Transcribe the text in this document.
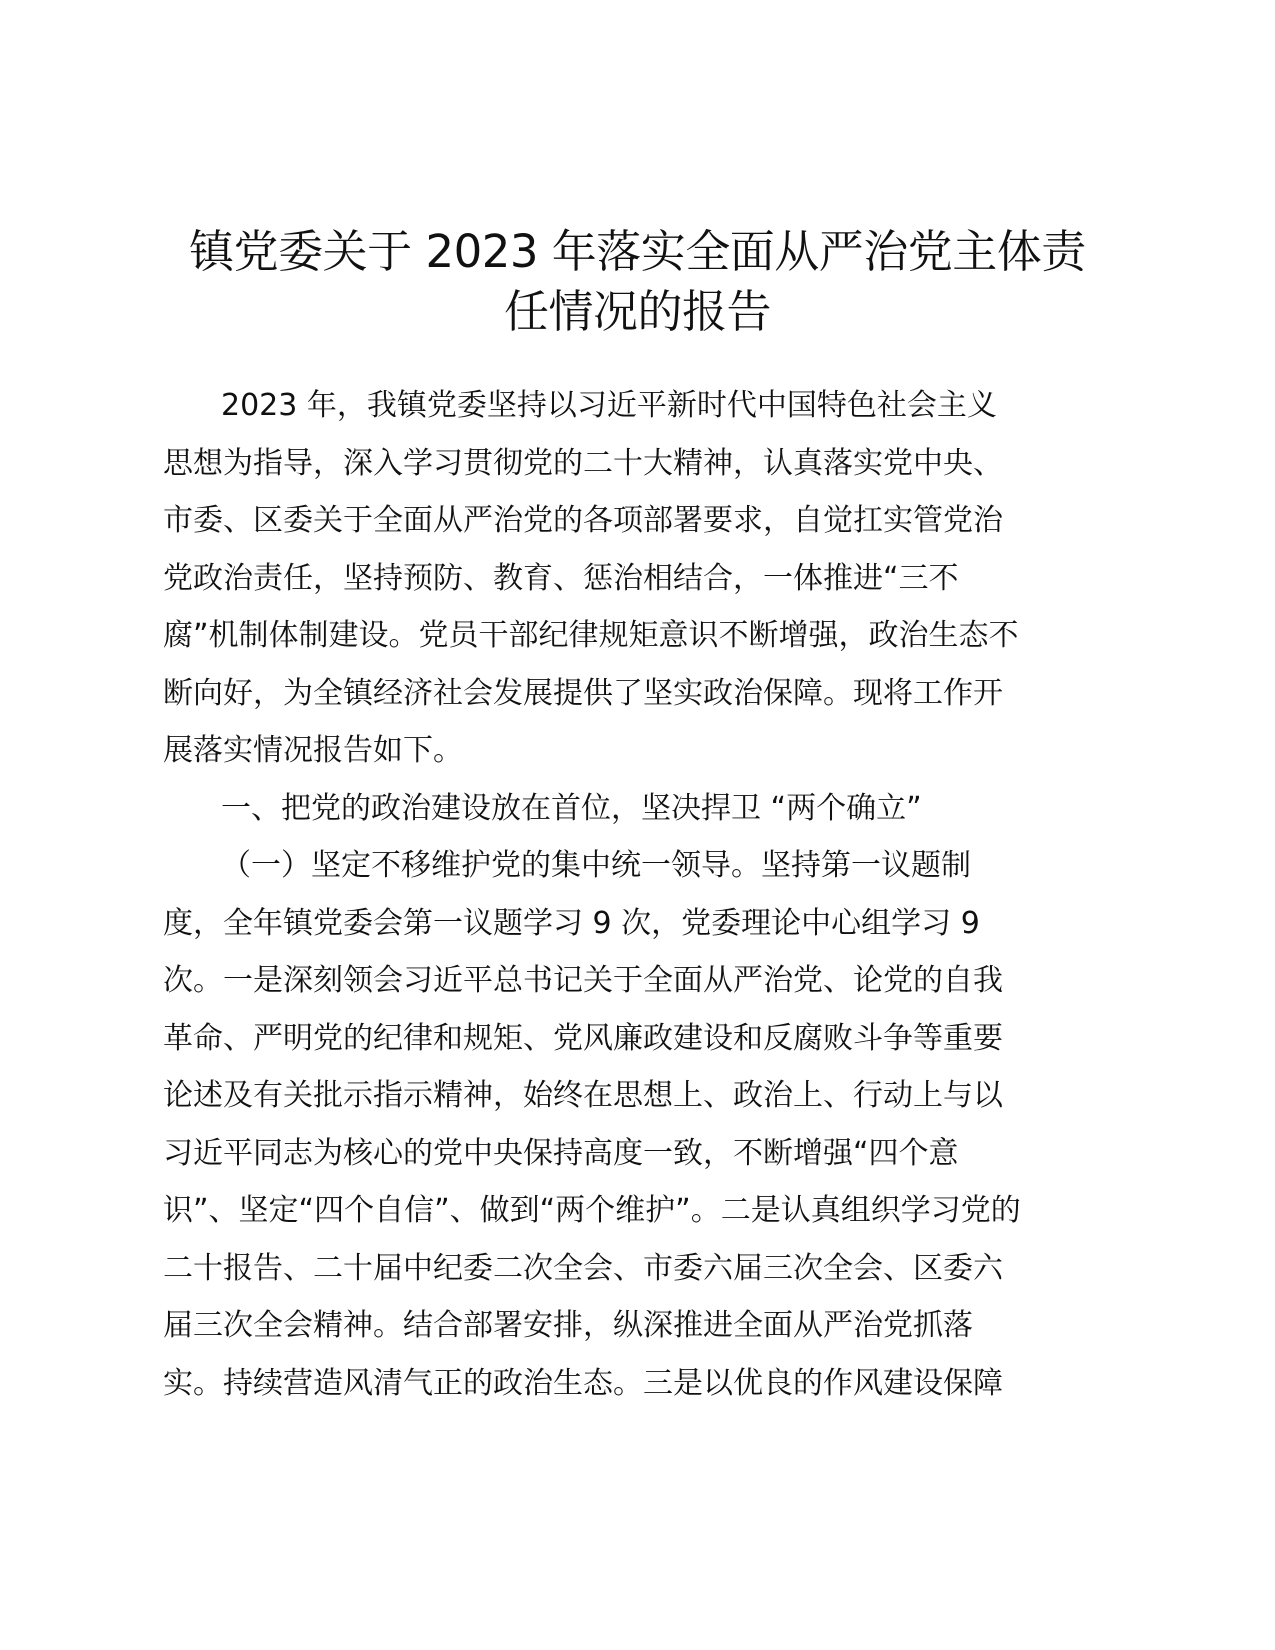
镇党委关于 2023 年落实全面从严治党主体责
任情况的报告
2023 年，我镇党委坚持以习近平新时代中国特色社会主义
思想为指导，深入学习贯彻党的二十大精神，认真落实党中央、
市委、区委关于全面从严治党的各项部署要求，自觉扛实管党治
党政治责任，坚持预防、教育、惩治相结合，一体推进“三不
腐”机制体制建设。党员干部纪律规矩意识不断增强，政治生态不
断向好，为全镇经济社会发展提供了坚实政治保障。现将工作开
展落实情况报告如下。
一、把党的政治建设放在首位，坚决捍卫 “两个确立”
（一）坚定不移维护党的集中统一领导。坚持第一议题制
度，全年镇党委会第一议题学习 9 次，党委理论中心组学习 9
次。一是深刻领会习近平总书记关于全面从严治党、论党的自我
革命、严明党的纪律和规矩、党风廉政建设和反腐败斗争等重要
论述及有关批示指示精神，始终在思想上、政治上、行动上与以
习近平同志为核心的党中央保持高度一致，不断增强“四个意
识”、坚定“四个自信”、做到“两个维护”。二是认真组织学习党的
二十报告、二十届中纪委二次全会、市委六届三次全会、区委六
届三次全会精神。结合部署安排，纵深推进全面从严治党抓落
实。持续营造风清气正的政治生态。三是以优良的作风建设保障
